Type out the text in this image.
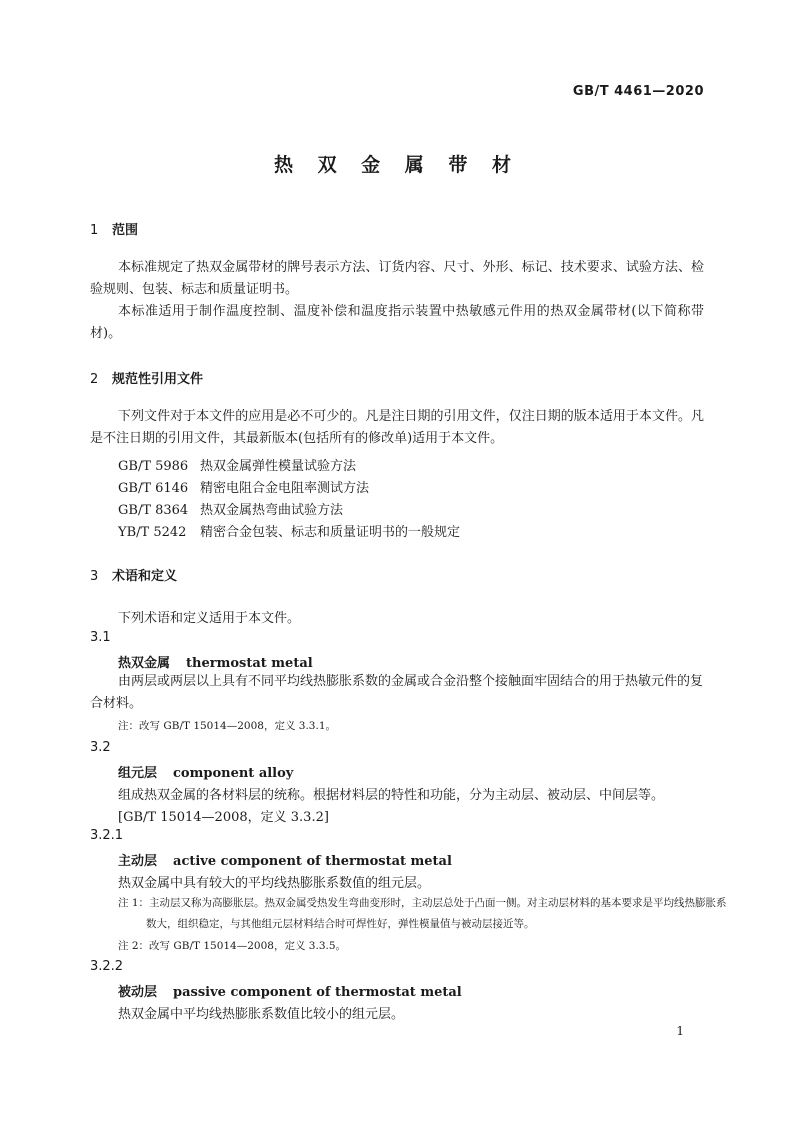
GB/T 4461—2020
热 双 金 属 带 材
1 范围
本标准规定了热双金属带材的牌号表示方法、订货内容、尺寸、外形、标记、技术要求、试验方法、检验规则、包装、标志和质量证明书。
本标准适用于制作温度控制、温度补偿和温度指示装置中热敏感元件用的热双金属带材(以下简称带材)。
2 规范性引用文件
下列文件对于本文件的应用是必不可少的。凡是注日期的引用文件，仅注日期的版本适用于本文件。凡是不注日期的引用文件，其最新版本(包括所有的修改单)适用于本文件。
GB/T 5986 热双金属弹性模量试验方法
GB/T 6146 精密电阻合金电阻率测试方法
GB/T 8364 热双金属热弯曲试验方法
YB/T 5242 精密合金包装、标志和质量证明书的一般规定
3 术语和定义
下列术语和定义适用于本文件。
3.1
热双金属 thermostat metal
由两层或两层以上具有不同平均线热膨胀系数的金属或合金沿整个接触面牢固结合的用于热敏元件的复合材料。
注：改写 GB/T 15014—2008，定义 3.3.1。
3.2
组元层 component alloy
组成热双金属的各材料层的统称。根据材料层的特性和功能，分为主动层、被动层、中间层等。
[GB/T 15014—2008，定义 3.3.2]
3.2.1
主动层 active component of thermostat metal
热双金属中具有较大的平均线热膨胀系数值的组元层。
注 1：主动层又称为高膨胀层。热双金属受热发生弯曲变形时，主动层总处于凸面一侧。对主动层材料的基本要求是平均线热膨胀系数大，组织稳定，与其他组元层材料结合时可焊性好，弹性模量值与被动层接近等。
注 2：改写 GB/T 15014—2008，定义 3.3.5。
3.2.2
被动层 passive component of thermostat metal
热双金属中平均线热膨胀系数值比较小的组元层。
1
